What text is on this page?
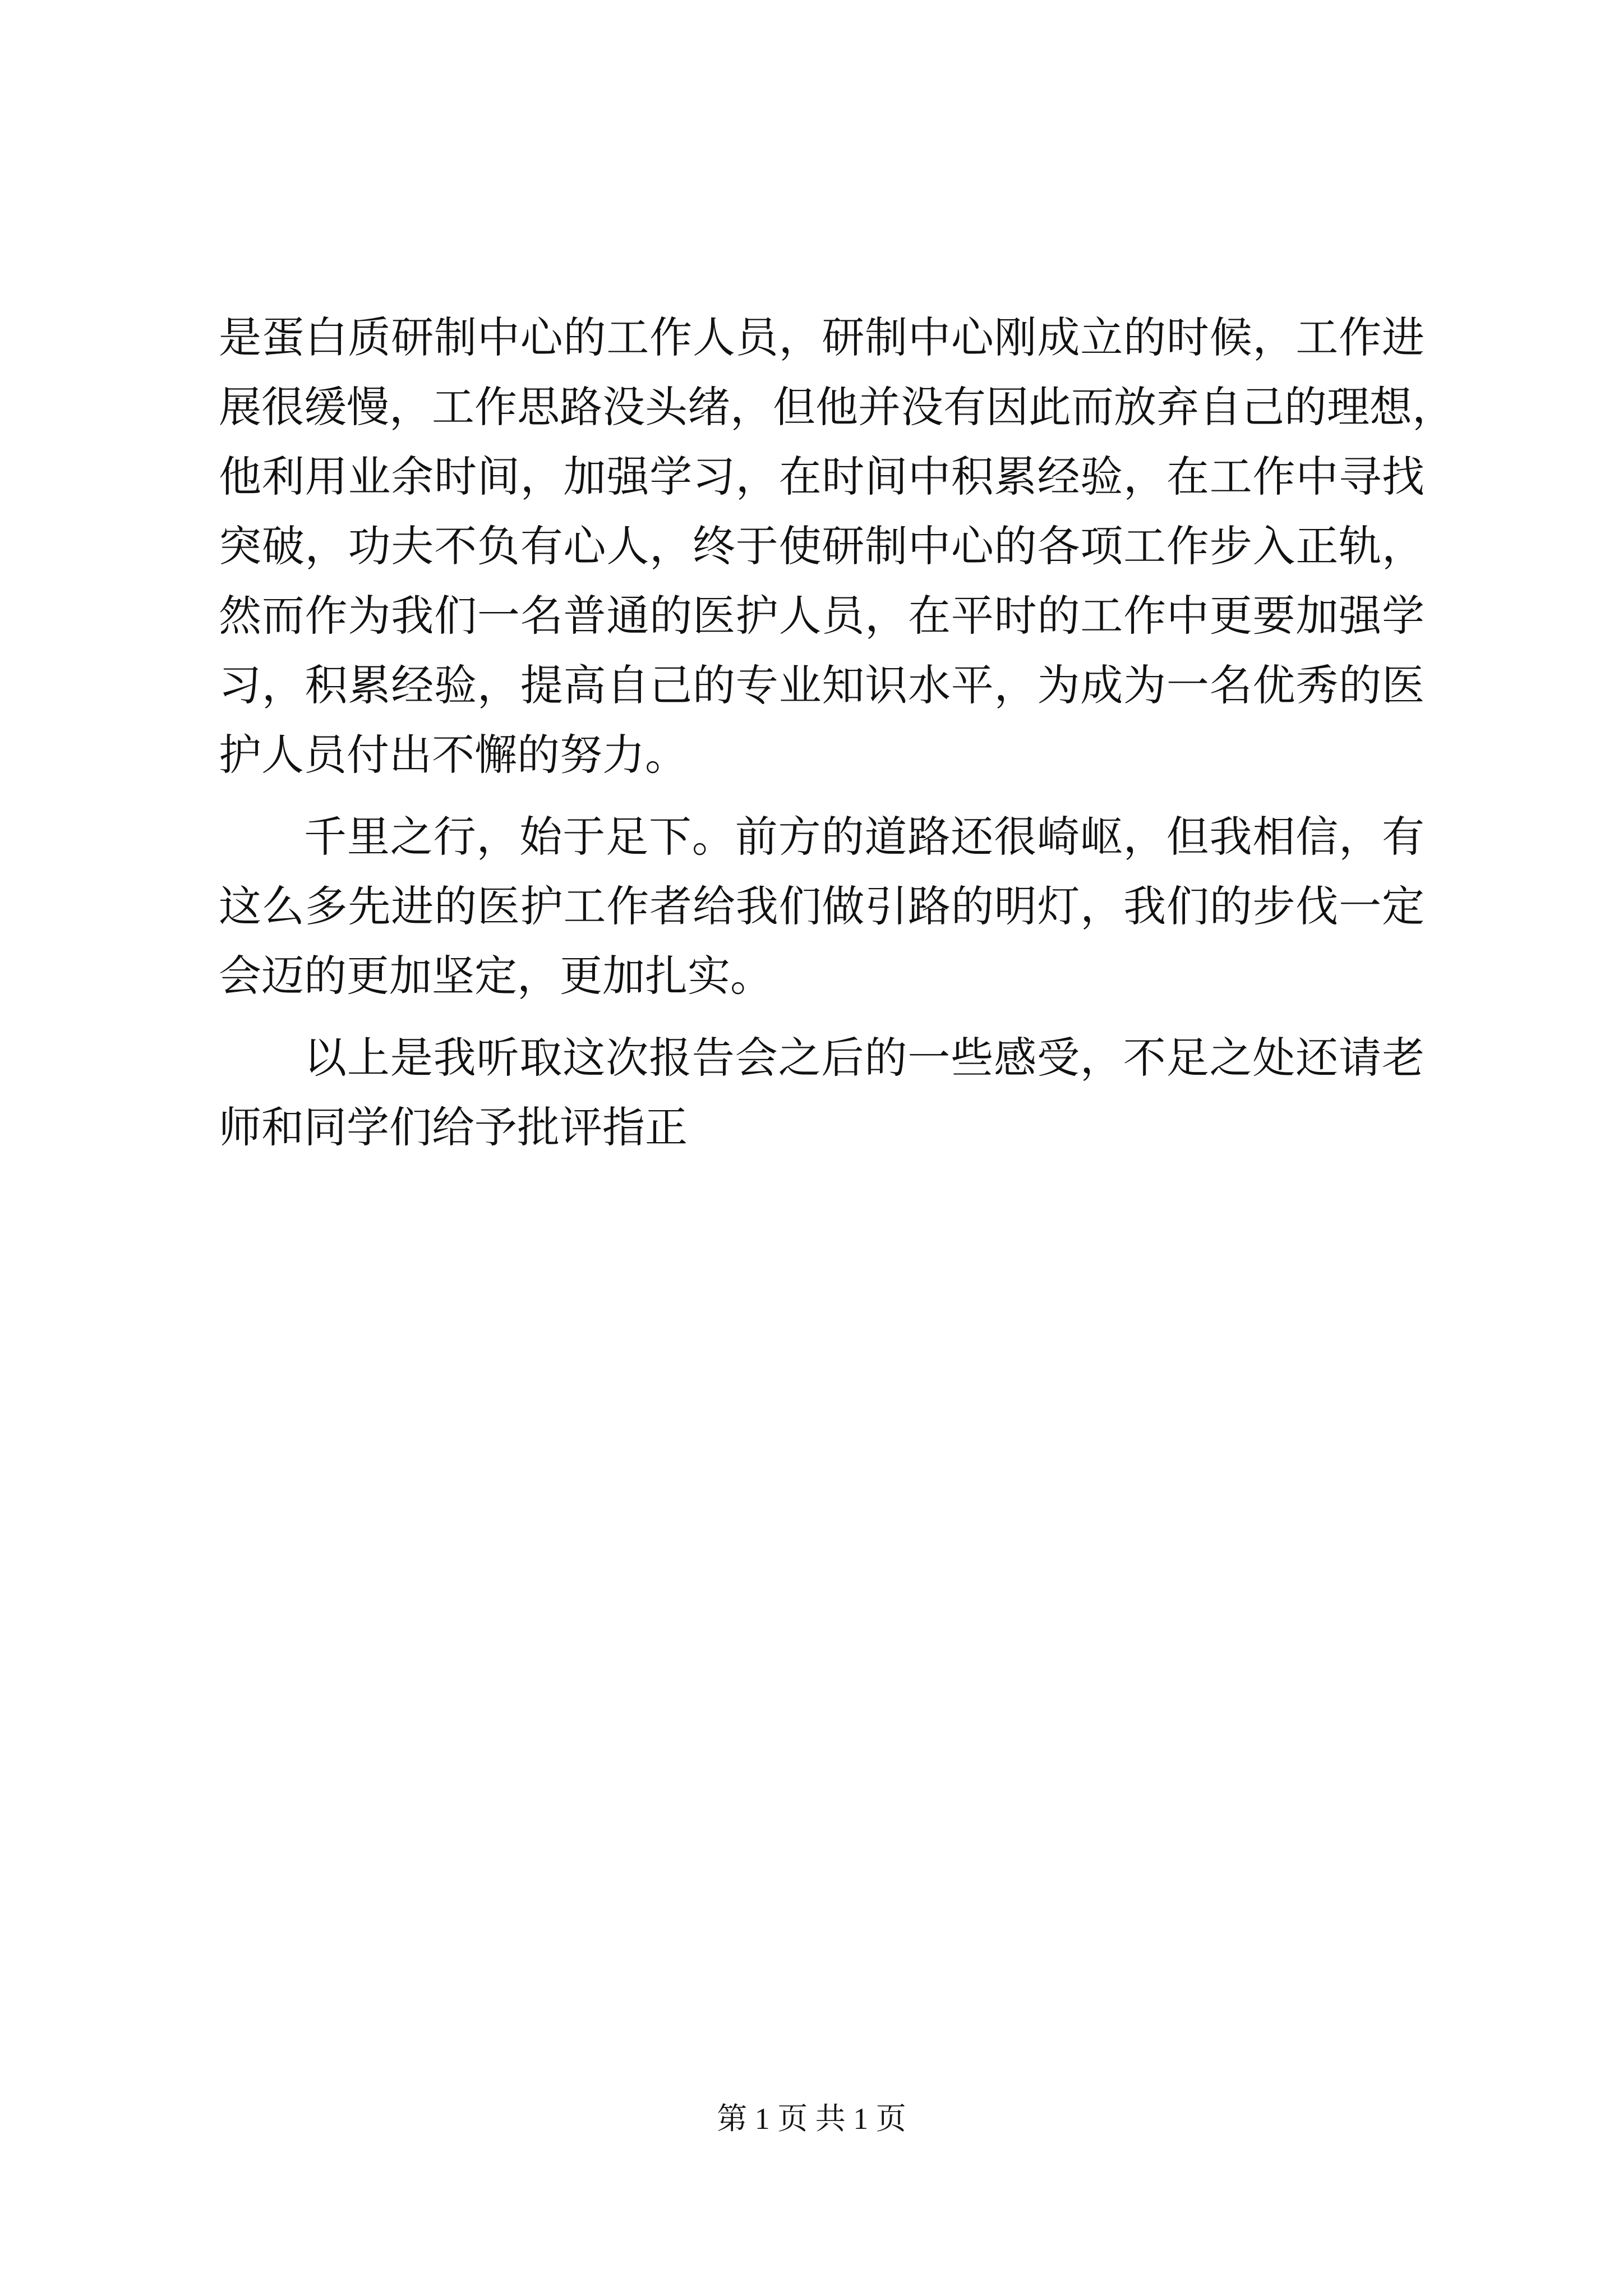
是蛋白质研制中心的工作人员，研制中心刚成立的时候，工作进
展很缓慢，工作思路没头绪，但他并没有因此而放弃自己的理想，
他利用业余时间，加强学习，在时间中积累经验，在工作中寻找
突破，功夫不负有心人，终于使研制中心的各项工作步入正轨，
然而作为我们一名普通的医护人员，在平时的工作中更要加强学
习，积累经验，提高自己的专业知识水平，为成为一名优秀的医
护人员付出不懈的努力。
千里之行，始于足下。前方的道路还很崎岖，但我相信，有
这么多先进的医护工作者给我们做引路的明灯，我们的步伐一定
会迈的更加坚定，更加扎实。
以上是我听取这次报告会之后的一些感受，不足之处还请老
师和同学们给予批评指正
第 1 页 共 1 页
